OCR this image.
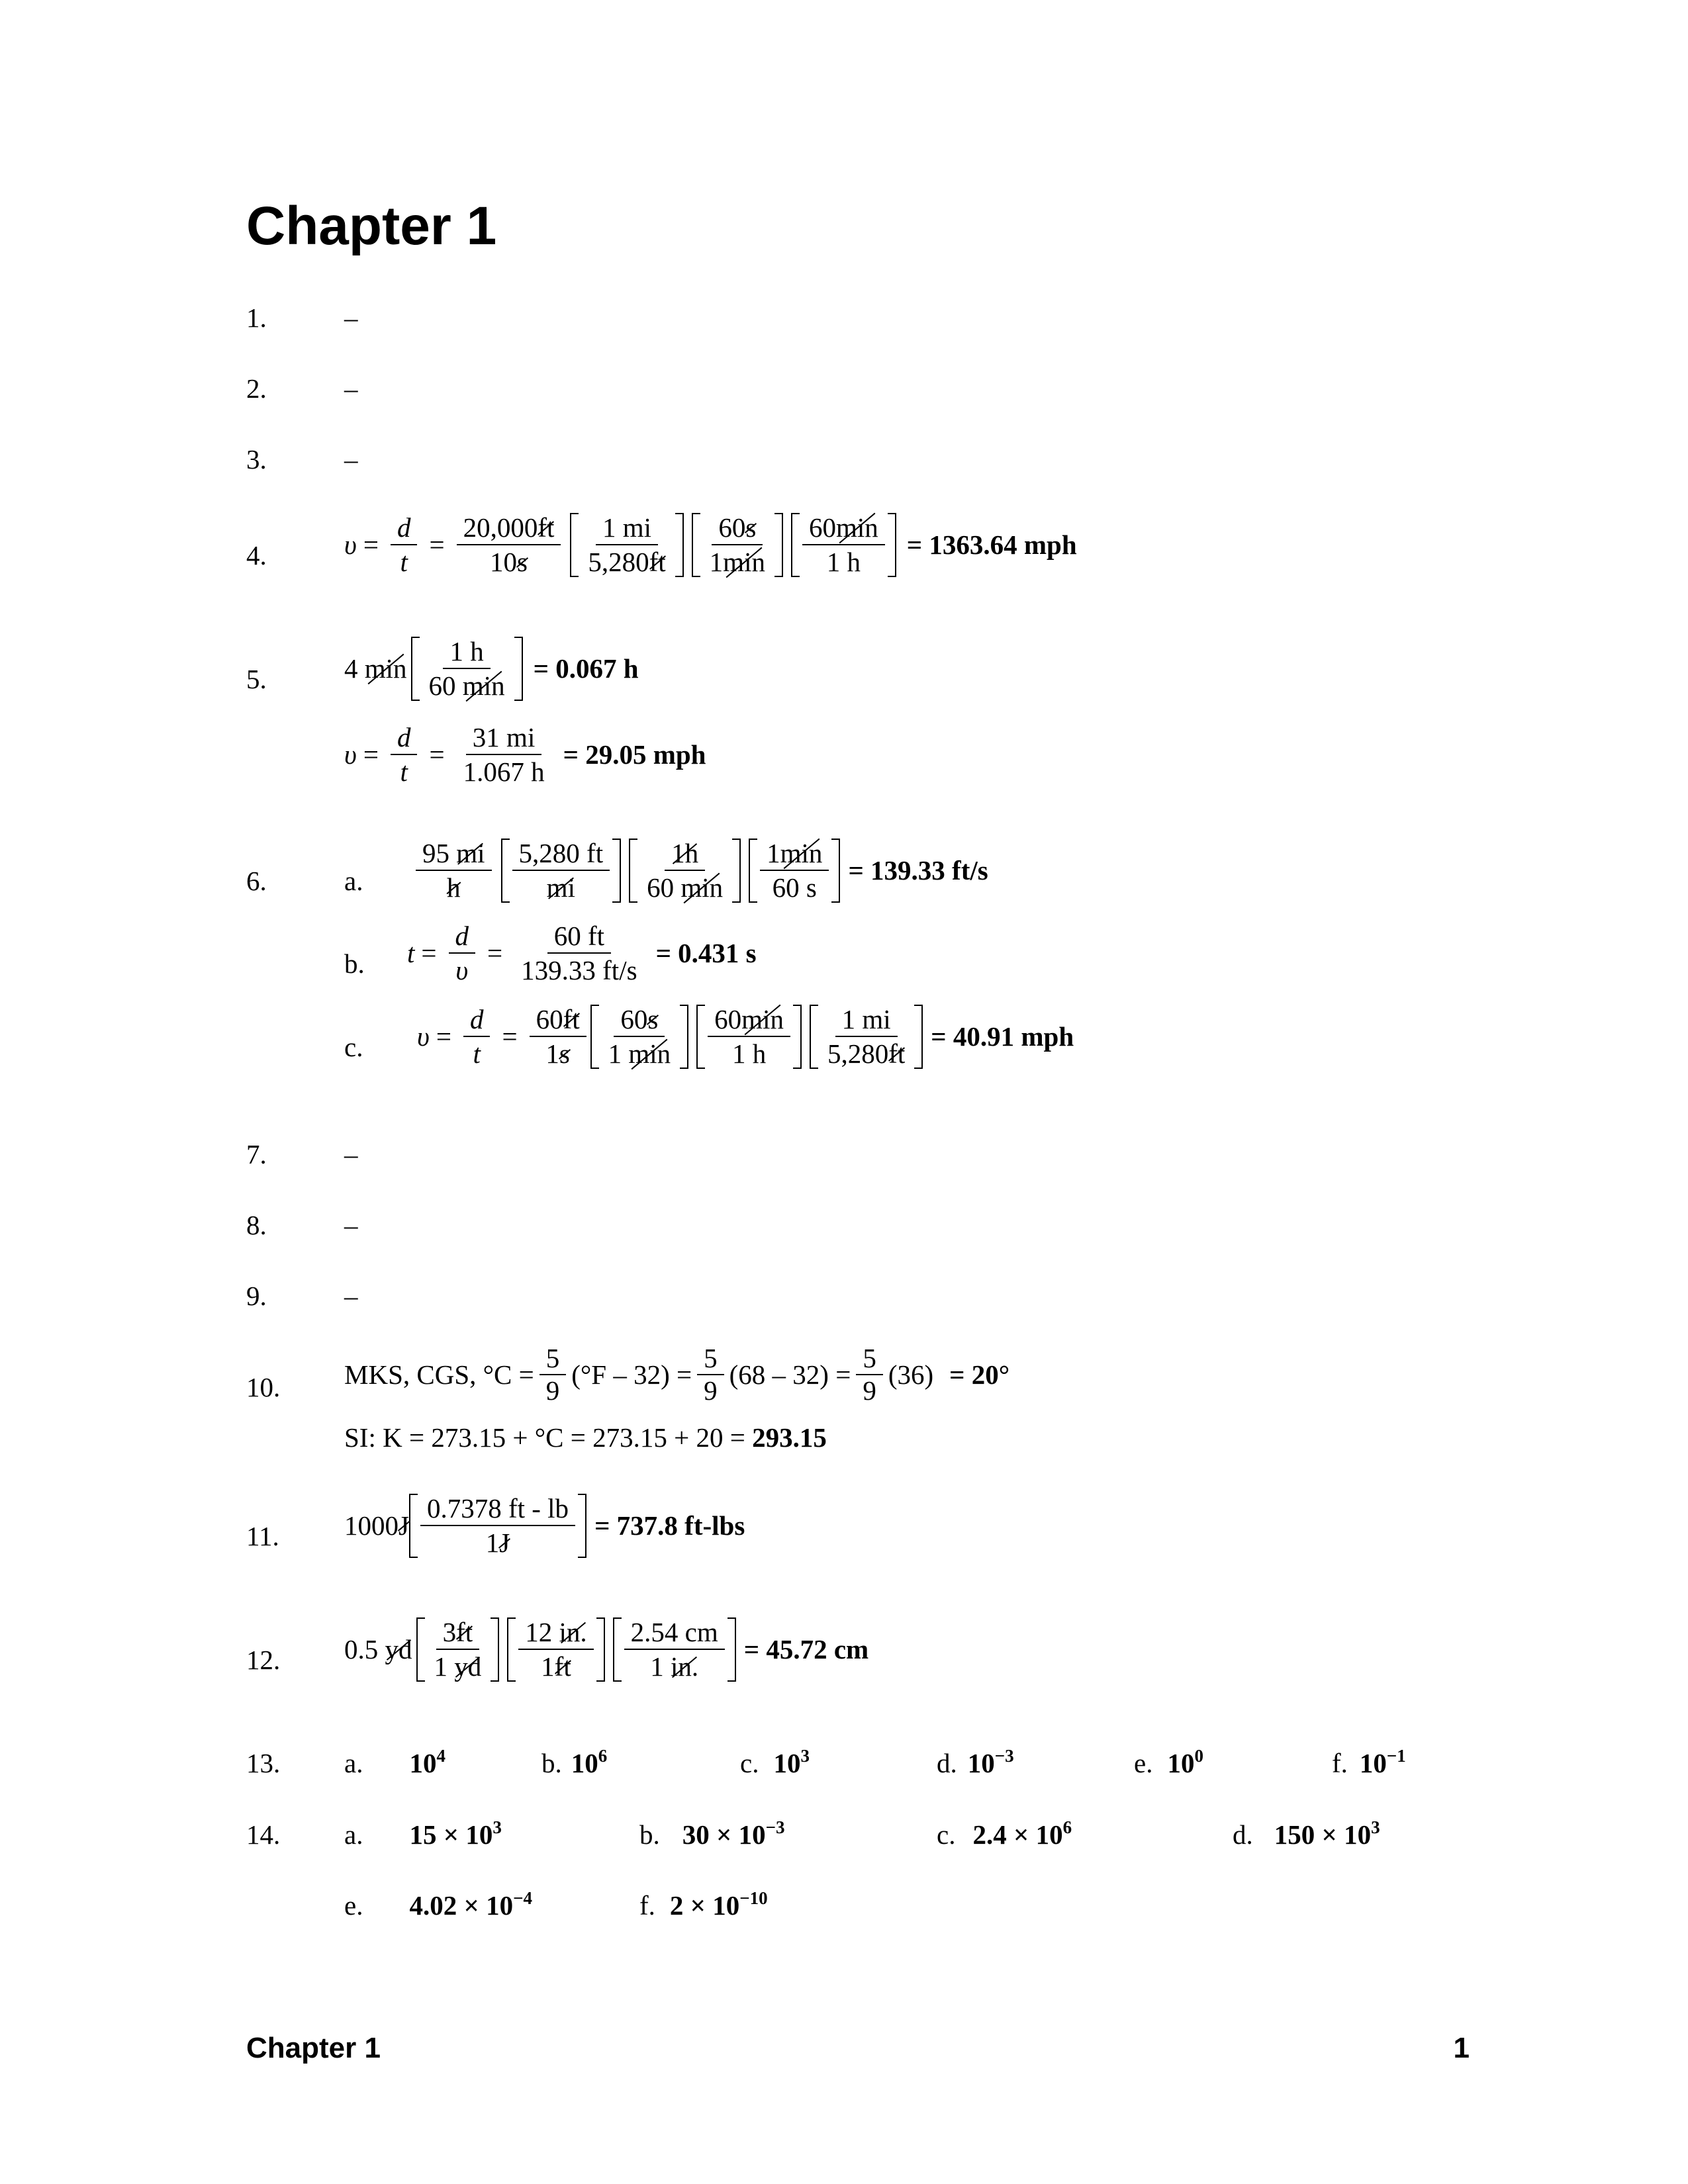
Chapter 1
1.	–
2.	–
3.	–
4.	$\upsilon = \frac{d}{t} = \frac{20,000ft}{10s} 1$ mi
5,280ft
60s
1min
60min
1 h
= 1363.64 mph
5.	4
min
1 h
60 min
= 0.067 h
$\upsilon = \frac{d}{t} = \frac{31 mi}{1.067 h} = 29.05$ mph
6.	a.
95 mi
h
5,280 ft
mi
1h
60 min
1min
60 s
= 139.33 ft/s
b. $t = \frac{d}{\upsilon} = \frac{60 ft}{139.33 ft/s} = 0.431$ s
c. $\upsilon = \frac{d}{t} = \frac{60ft}{1s} 60s$
1 min
60min
1 h
1 mi
5,280ft
= 40.91 mph
7.	–
8.	–
9.	–
10. MKS, CGS, $^\circ C = \frac{5}{9} (^\circ F - 32) = \frac{5}{9} (68 - 32) = \frac{5}{9} (36) = 20^\circ$
SI: K = 273.15 + °C = 273.15 + 20 =
293.15
11. 1000 J
0.7378 ft - lb
1J
= 737.8 ft-lbs
12. 0.5
yd
3ft
1 yd
12 in.
1ft
2.54 cm
1 in.
= 45.72 cm
13. a. $10^4$	b. $10^6$	c. $10^3$	d. $10^{-3}$	e. $10^0$	f. $10^{-1}$
14. a. $15 \times 10^3$	b. $30 \times 10^{-3}$	c. $2.4 \times 10^6$	d. $150 \times 10^3$
e. $4.02 \times 10^{-4}$	f. $2 \times 10^{-10}$
Chapter 1	1
